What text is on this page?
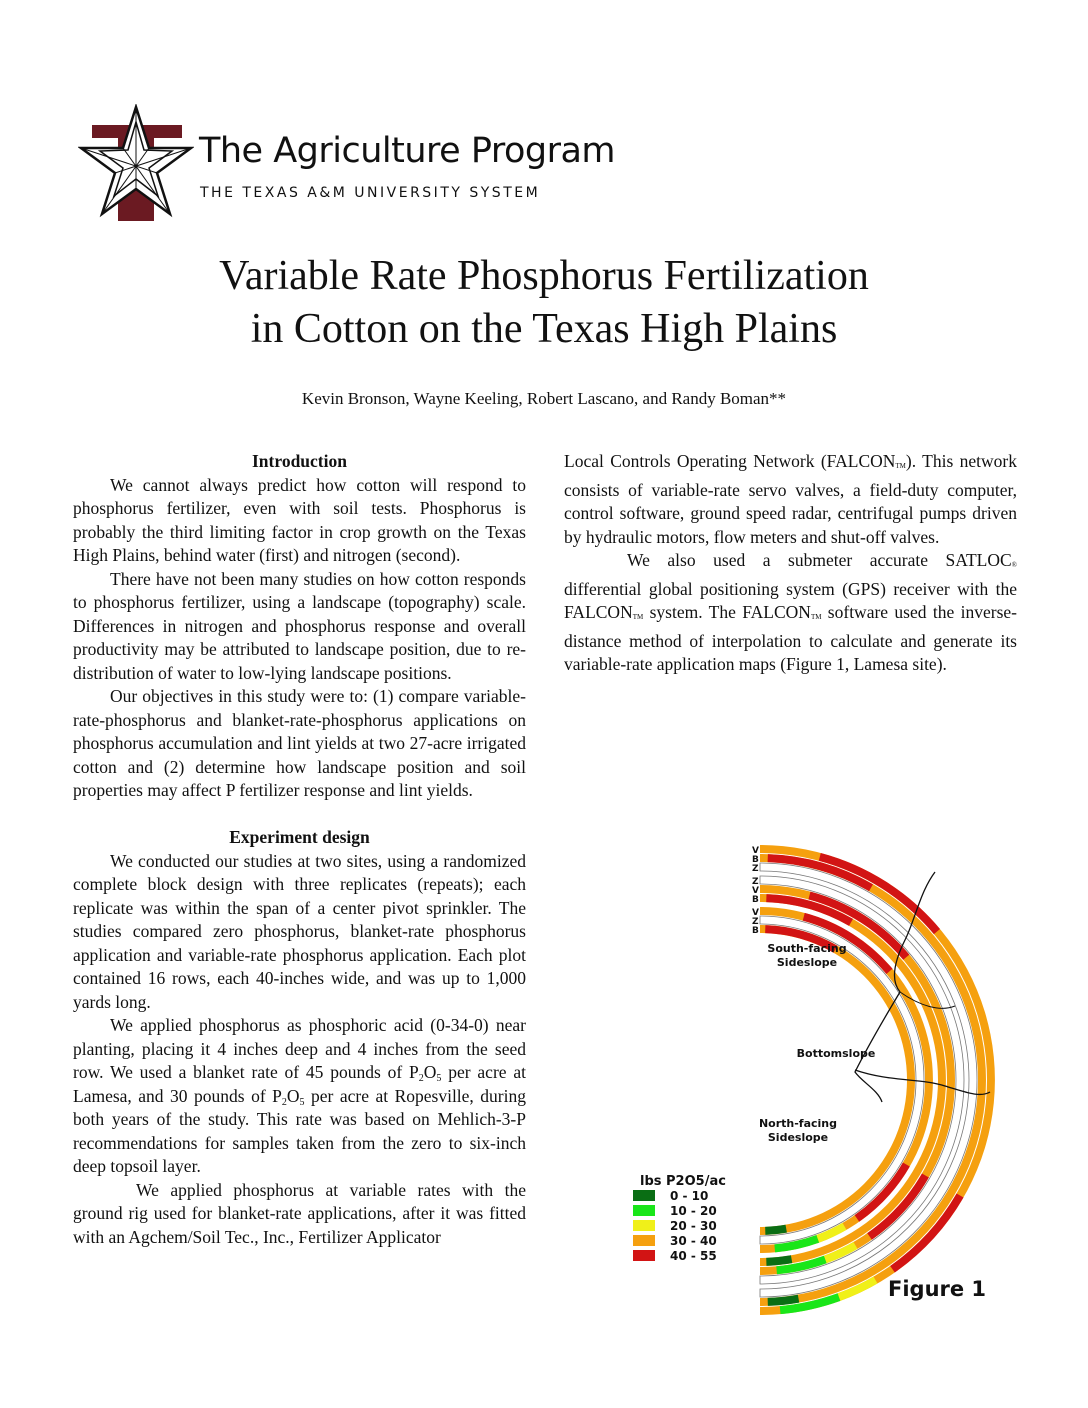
The Agriculture Program
THE TEXAS A&M UNIVERSITY SYSTEM
Variable Rate Phosphorus Fertilization
in Cotton on the Texas High Plains
Kevin Bronson, Wayne Keeling, Robert Lascano, and Randy Boman**
Introduction

We cannot always predict how cotton will respond to phosphorus fertilizer, even with soil tests. Phosphorus is probably the third limiting factor in crop growth on the Texas High Plains, behind water (first) and nitrogen (second).

There have not been many studies on how cotton responds to phosphorus fertilizer, using a landscape (topography) scale. Differences in nitrogen and phosphorus response and overall productivity may be attributed to landscape position, due to re-distribution of water to low-lying landscape positions.

Our objectives in this study were to: (1) compare variable-rate-phosphorus and blanket-rate-phosphorus applications on phosphorus accumulation and lint yields at two 27-acre irrigated cotton and (2) determine how landscape position and soil properties may affect P fertilizer response and lint yields.

Experiment design

We conducted our studies at two sites, using a randomized complete block design with three replicates (repeats); each replicate was within the span of a center pivot sprinkler. The studies compared zero phosphorus, blanket-rate phosphorus application and variable-rate phosphorus application. Each plot contained 16 rows, each 40-inches wide, and was up to 1,000 yards long.

We applied phosphorus as phosphoric acid (0-34-0) near planting, placing it 4 inches deep and 4 inches from the seed row. We used a blanket rate of 45 pounds of $P_2O_5$ per acre at Lamesa, and 30 pounds of $P_2O_5$ per acre at Ropesville, during both years of the study. This rate was based on Mehlich-3-P recommendations for samples taken from the zero to six-inch deep topsoil layer.

We applied phosphorus at variable rates with the ground rig used for blanket-rate applications, after it was fitted with an Agchem/Soil Tec., Inc., Fertilizer Applicator

Local Controls Operating Network (FALCONTM). This network consists of variable-rate servo valves, a field-duty computer, control software, ground speed radar, centrifugal pumps driven by hydraulic motors, flow meters and shut-off valves.

We also used a submeter accurate SATLOC® differential global positioning system (GPS) receiver with the FALCONTM system. The FALCONTM software used the inverse-distance method of interpolation to calculate and generate its variable-rate application maps (Figure 1, Lamesa site).

V
B
Z
Z
V
B
V
Z
B
South-facing
Sideslope
Bottomslope
North-facing
Sideslope
lbs P2O5/ac
0 - 10
10 - 20
20 - 30
30 - 40
40 - 55
Figure 1
